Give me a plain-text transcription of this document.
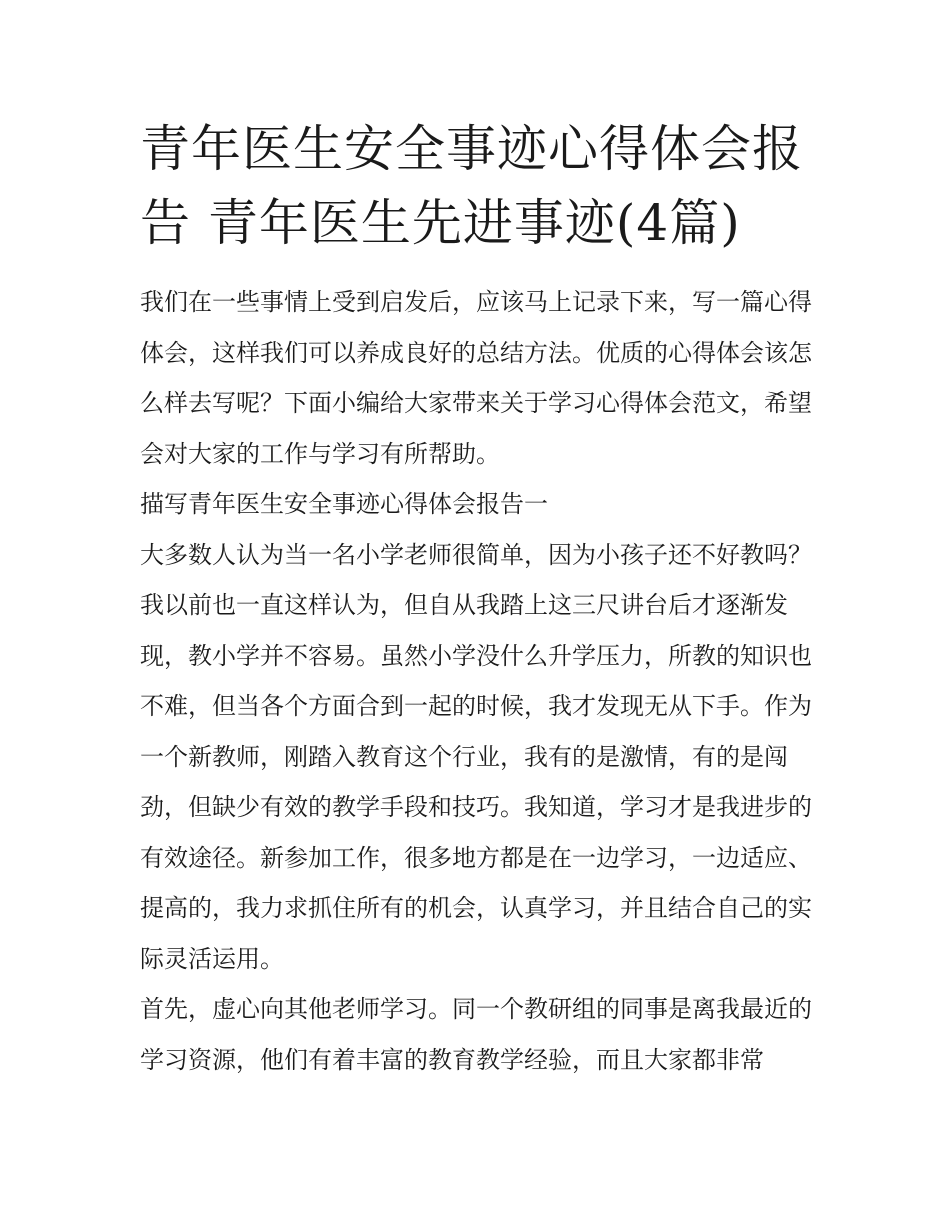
青年医生安全事迹心得体会报告 青年医生先进事迹(4篇)

我们在一些事情上受到启发后，应该马上记录下来，写一篇心得体会，这样我们可以养成良好的总结方法。优质的心得体会该怎么样去写呢？下面小编给大家带来关于学习心得体会范文，希望会对大家的工作与学习有所帮助。

描写青年医生安全事迹心得体会报告一

大多数人认为当一名小学老师很简单，因为小孩子还不好教吗？我以前也一直这样认为，但自从我踏上这三尺讲台后才逐渐发现，教小学并不容易。虽然小学没什么升学压力，所教的知识也不难，但当各个方面合到一起的时候，我才发现无从下手。作为一个新教师，刚踏入教育这个行业，我有的是激情，有的是闯劲，但缺少有效的教学手段和技巧。我知道，学习才是我进步的有效途径。新参加工作，很多地方都是在一边学习，一边适应、提高的，我力求抓住所有的机会，认真学习，并且结合自己的实际灵活运用。

首先，虚心向其他老师学习。同一个教研组的同事是离我最近的学习资源，他们有着丰富的教育教学经验，而且大家都非常
